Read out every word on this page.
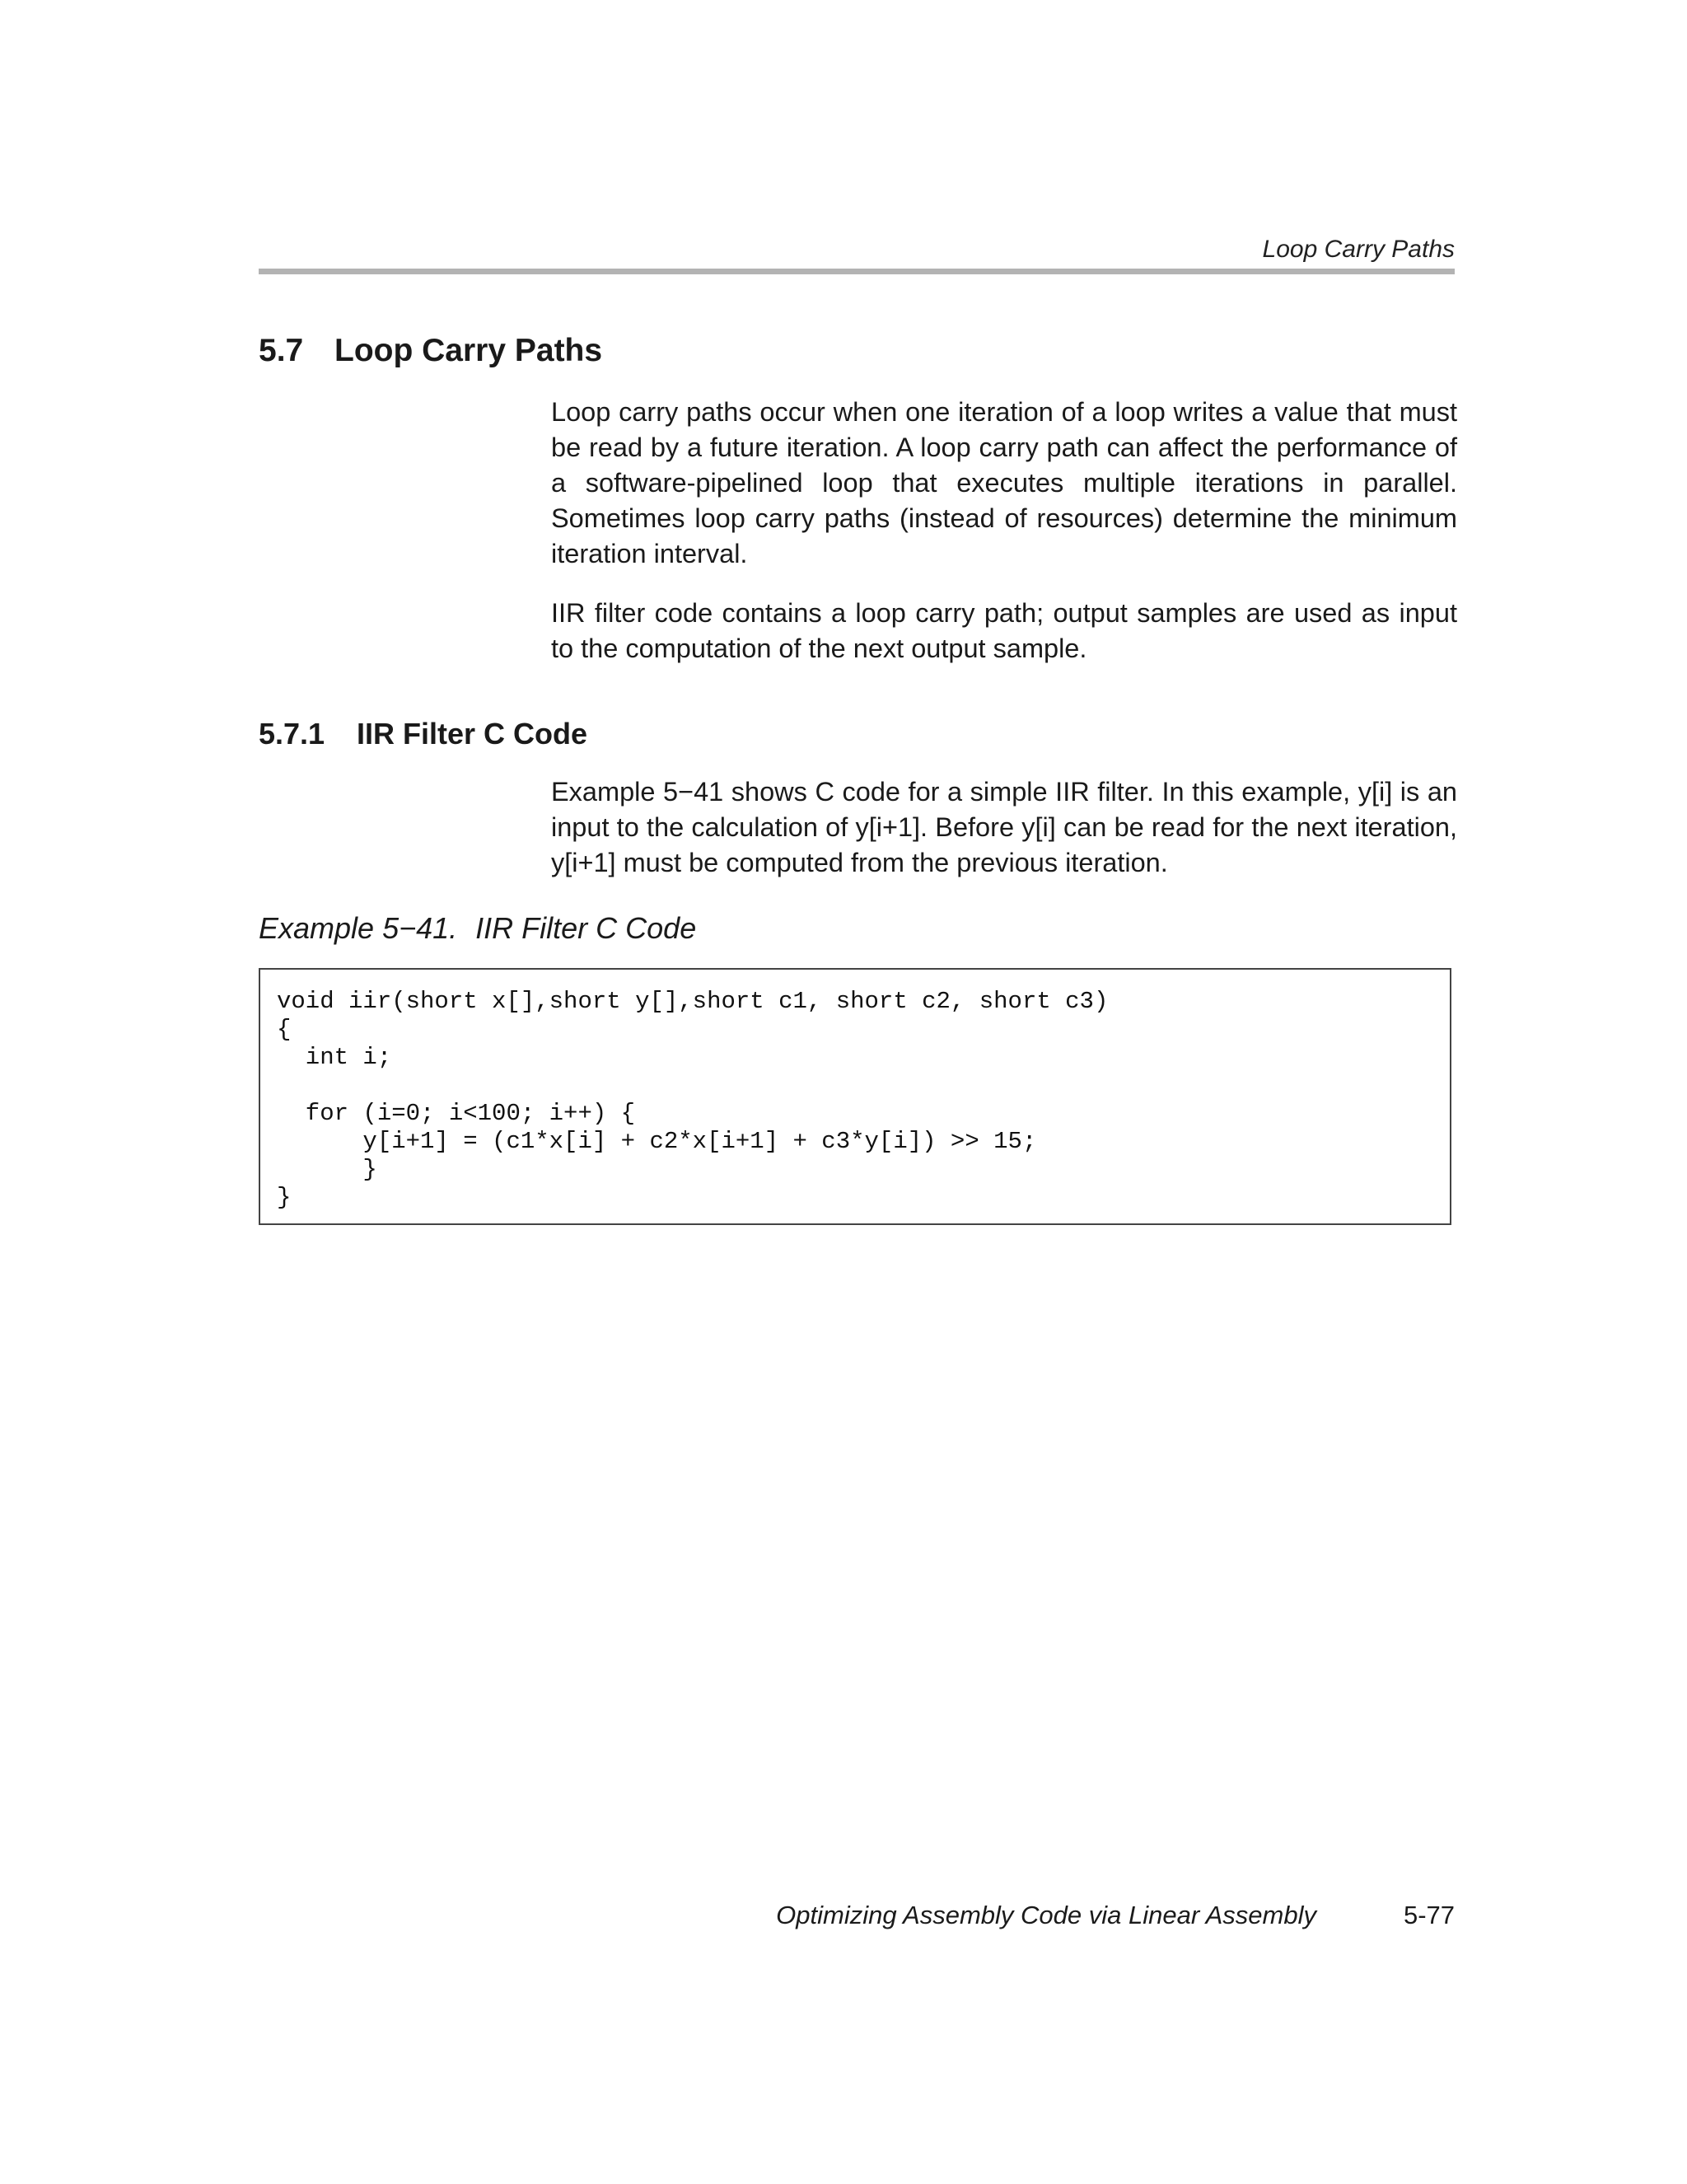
Loop Carry Paths
5.7 Loop Carry Paths

Loop carry paths occur when one iteration of a loop writes a value that must be read by a future iteration. A loop carry path can affect the performance of a software-pipelined loop that executes multiple iterations in parallel. Sometimes loop carry paths (instead of resources) determine the minimum iteration interval.

IIR filter code contains a loop carry path; output samples are used as input to the computation of the next output sample.

5.7.1 IIR Filter C Code

Example 5−41 shows C code for a simple IIR filter. In this example, y[i] is an input to the calculation of y[i+1]. Before y[i] can be read for the next iteration, y[i+1] must be computed from the previous iteration.

Example 5−41. IIR Filter C Code
void iir(short x[],short y[],short c1, short c2, short c3)
{
int i;

for (i=0; i<100; i++) {
y[i+1] = (c1*x[i] + c2*x[i+1] + c3*y[i]) >> 15;
}
}
Optimizing Assembly Code via Linear Assembly	5-77
